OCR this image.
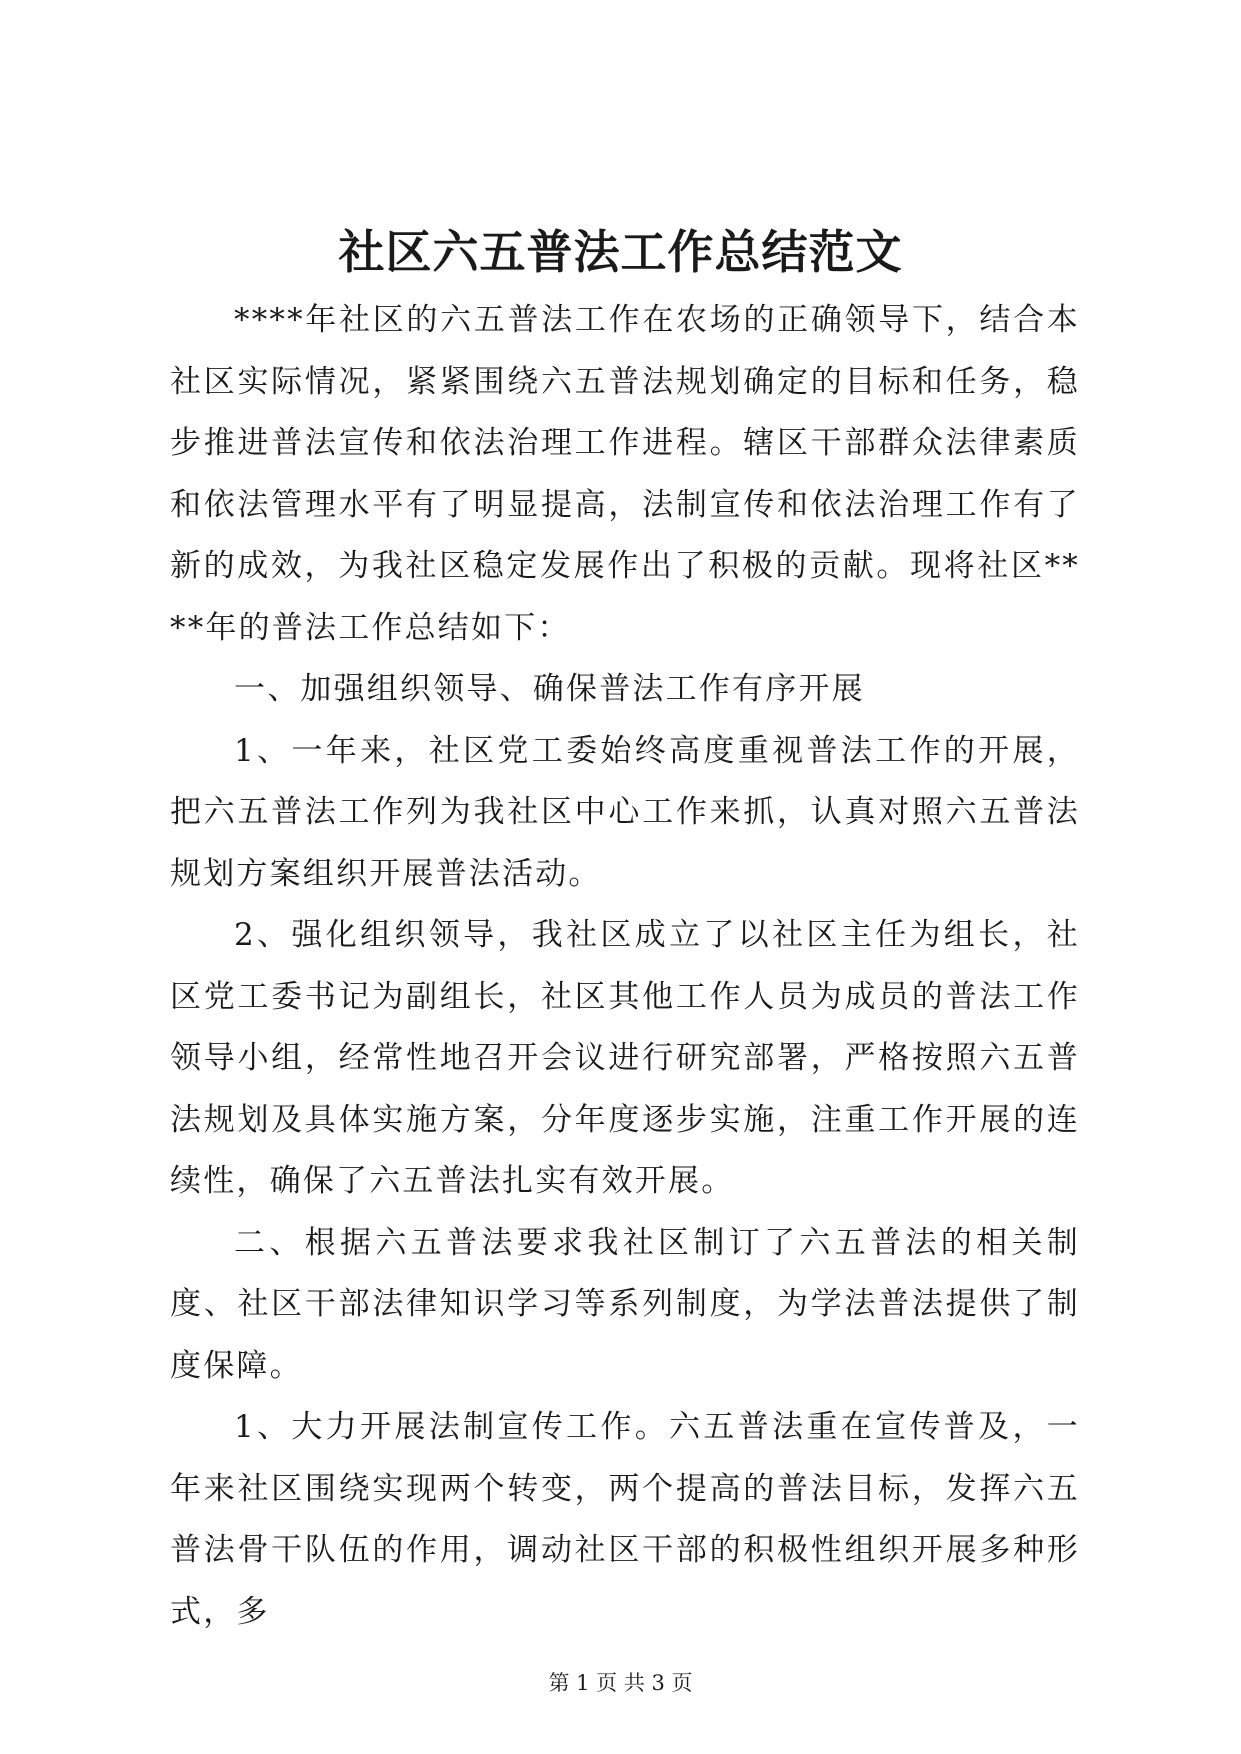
社区六五普法工作总结范文

****年社区的六五普法工作在农场的正确领导下，结合本社区实际情况，紧紧围绕六五普法规划确定的目标和任务，稳步推进普法宣传和依法治理工作进程。辖区干部群众法律素质和依法管理水平有了明显提高，法制宣传和依法治理工作有了新的成效，为我社区稳定发展作出了积极的贡献。现将社区****年的普法工作总结如下：

一、加强组织领导、确保普法工作有序开展

1、一年来，社区党工委始终高度重视普法工作的开展，把六五普法工作列为我社区中心工作来抓，认真对照六五普法规划方案组织开展普法活动。

2、强化组织领导，我社区成立了以社区主任为组长，社区党工委书记为副组长，社区其他工作人员为成员的普法工作领导小组，经常性地召开会议进行研究部署，严格按照六五普法规划及具体实施方案，分年度逐步实施，注重工作开展的连续性，确保了六五普法扎实有效开展。

二、根据六五普法要求我社区制订了六五普法的相关制度、社区干部法律知识学习等系列制度，为学法普法提供了制度保障。

1、大力开展法制宣传工作。六五普法重在宣传普及，一年来社区围绕实现两个转变，两个提高的普法目标，发挥六五普法骨干队伍的作用，调动社区干部的积极性组织开展多种形式，多

第 1 页 共 3 页
